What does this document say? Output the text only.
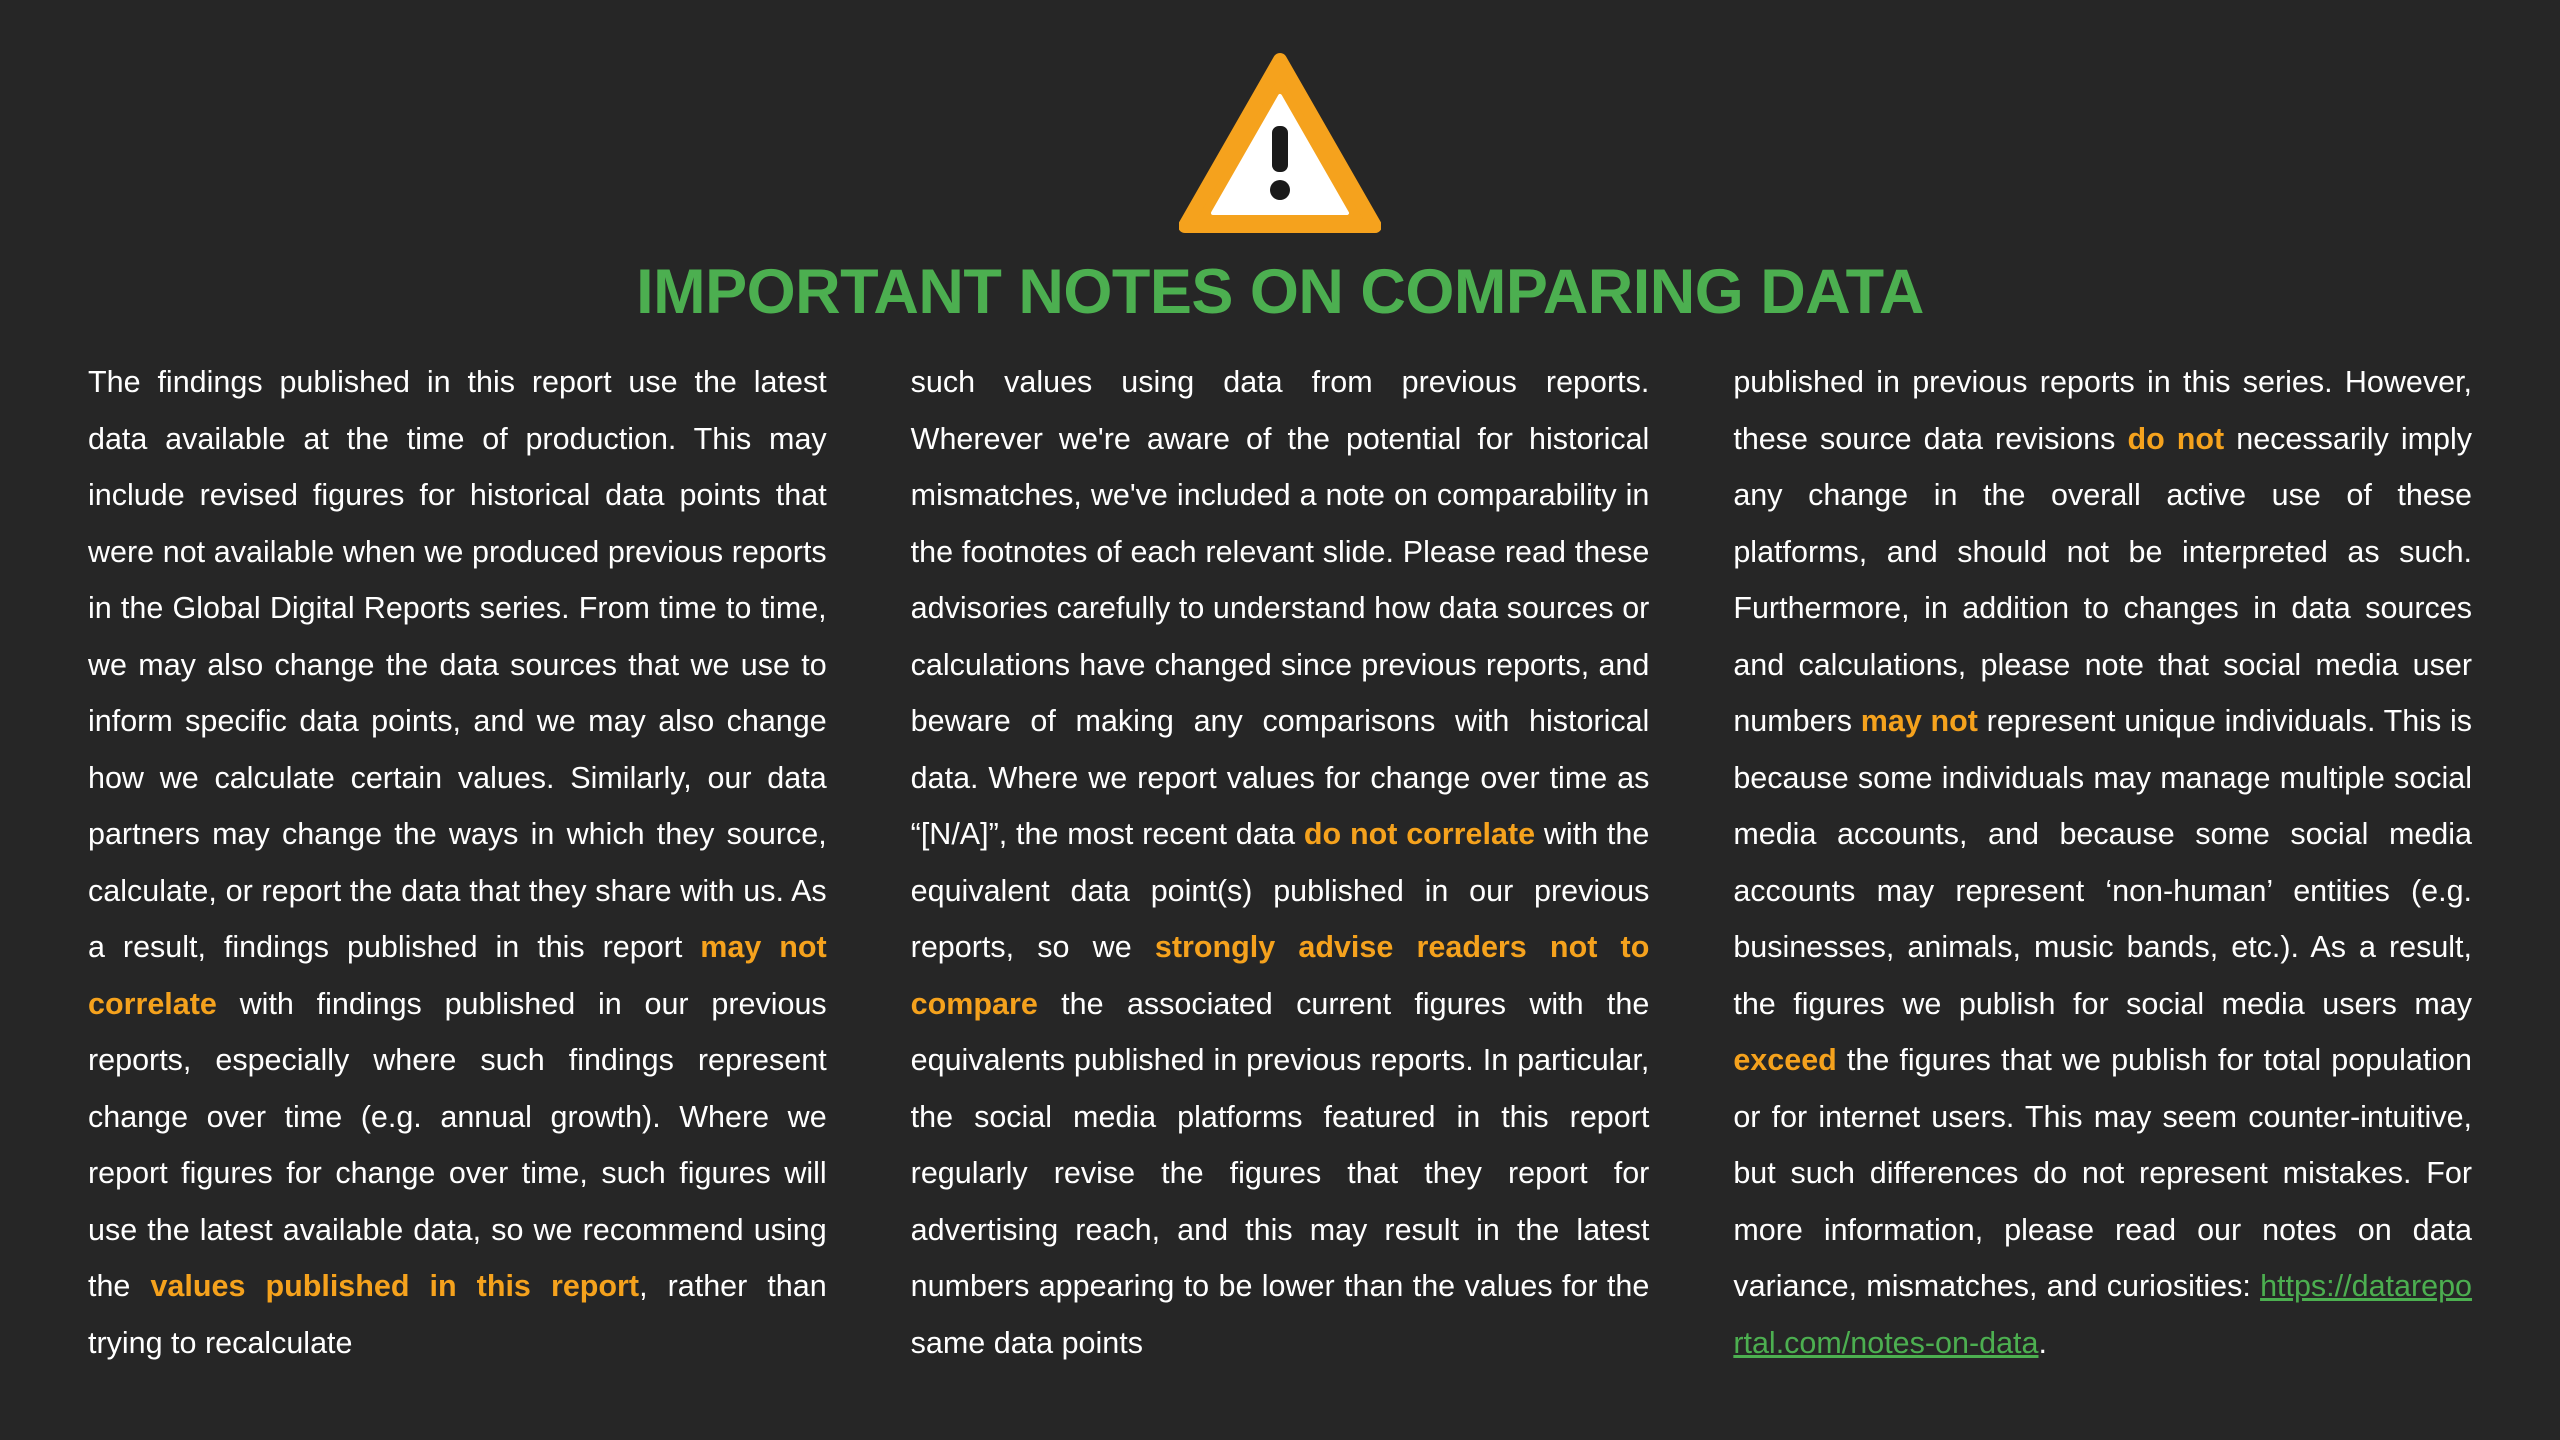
IMPORTANT NOTES ON COMPARING DATA

The findings published in this report use the latest data available at the time of production. This may include revised figures for historical data points that were not available when we produced previous reports in the Global Digital Reports series. From time to time, we may also change the data sources that we use to inform specific data points, and we may also change how we calculate certain values. Similarly, our data partners may change the ways in which they source, calculate, or report the data that they share with us. As a result, findings published in this report may not correlate with findings published in our previous reports, especially where such findings represent change over time (e.g. annual growth). Where we report figures for change over time, such figures will use the latest available data, so we recommend using the values published in this report, rather than trying to recalculate

such values using data from previous reports. Wherever we're aware of the potential for historical mismatches, we've included a note on comparability in the footnotes of each relevant slide. Please read these advisories carefully to understand how data sources or calculations have changed since previous reports, and beware of making any comparisons with historical data. Where we report values for change over time as “[N/A]”, the most recent data do not correlate with the equivalent data point(s) published in our previous reports, so we strongly advise readers not to compare the associated current figures with the equivalents published in previous reports. In particular, the social media platforms featured in this report regularly revise the figures that they report for advertising reach, and this may result in the latest numbers appearing to be lower than the values for the same data points

published in previous reports in this series. However, these source data revisions do not necessarily imply any change in the overall active use of these platforms, and should not be interpreted as such. Furthermore, in addition to changes in data sources and calculations, please note that social media user numbers may not represent unique individuals. This is because some individuals may manage multiple social media accounts, and because some social media accounts may represent ‘non-human’ entities (e.g. businesses, animals, music bands, etc.). As a result, the figures we publish for social media users may exceed the figures that we publish for total population or for internet users. This may seem counter-intuitive, but such differences do not represent mistakes. For more information, please read our notes on data variance, mismatches, and curiosities: https://datareportal.com/notes-on-data.
